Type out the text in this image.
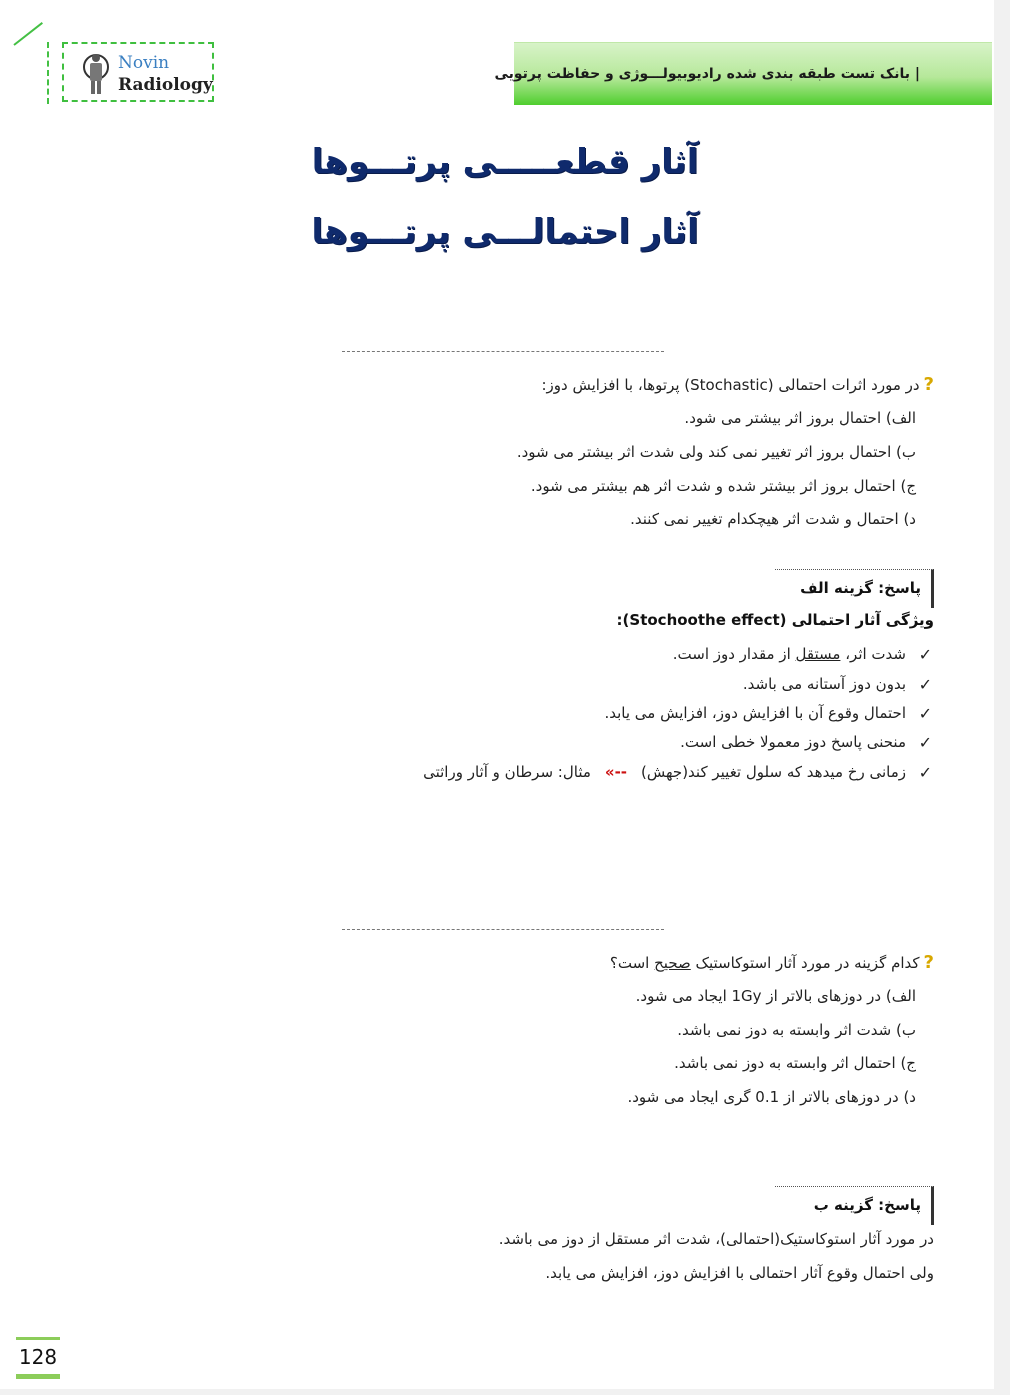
Novin
Radiology
| بانک تست طبقه بندی شده رادیوبیولـــوژی و حفاظت پرتویی
آثار قطعـــــی پرتـــوها
آثار احتمالـــی پرتـــوها
?در مورد اثرات احتمالی (Stochastic) پرتوها، با افزایش دوز:
الف) احتمال بروز اثر بیشتر می شود.
ب) احتمال بروز اثر تغییر نمی کند ولی شدت اثر بیشتر می شود.
ج) احتمال بروز اثر بیشتر شده و شدت اثر هم بیشتر می شود.
د) احتمال و شدت اثر هیچکدام تغییر نمی کنند.
پاسخ: گزینه الف
ویژگی آثار احتمالی (Stochoothe effect):
✓
شدت اثر، مستقل از مقدار دوز است.
✓
بدون دوز آستانه می باشد.
✓
احتمال وقوع آن با افزایش دوز، افزایش می یابد.
✓
منحنی پاسخ دوز معمولا خطی است.
✓
زمانی رخ میدهد که سلول تغییر کند(جهش)--»مثال: سرطان و آثار وراثتی
?کدام گزینه در مورد آثار استوکاستیک صحیح است؟
الف) در دوزهای بالاتر از 1Gy ایجاد می شود.
ب) شدت اثر وابسته به دوز نمی باشد.
ج) احتمال اثر وابسته به دوز نمی باشد.
د) در دوزهای بالاتر از 0.1 گری ایجاد می شود.
پاسخ: گزینه ب
در مورد آثار استوکاستیک(احتمالی)، شدت اثر مستقل از دوز می باشد.
ولی احتمال وقوع آثار احتمالی با افزایش دوز، افزایش می یابد.
128
